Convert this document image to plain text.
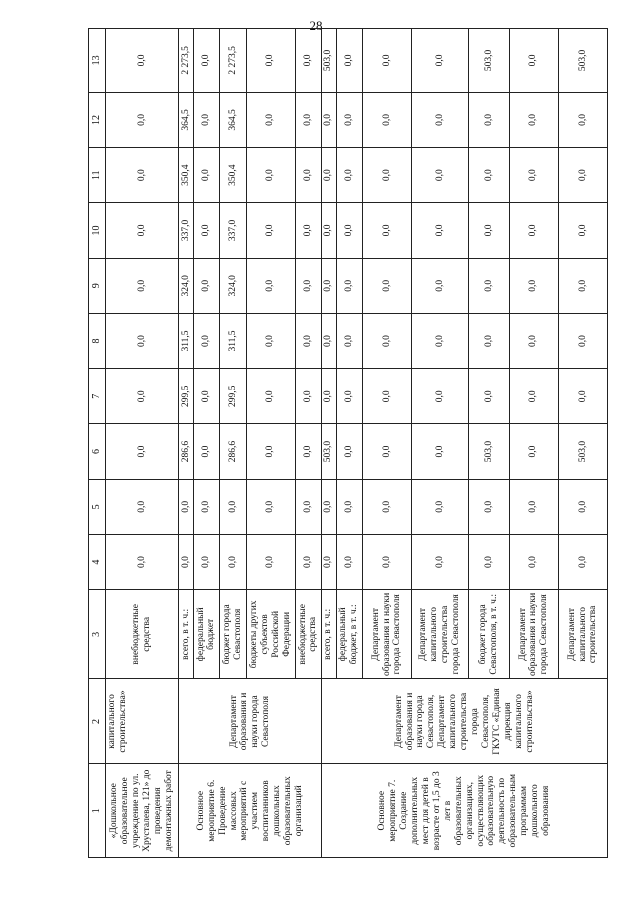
28
1	2	3	4	5	6	7	8	9	10	11	12	13
«Дошкольное образовательное учреждение по ул. Хрусталева, 121» до проведения демонтажных работ	капитального строительства»	внебюджетные средства	0,0	0,0	0,0	0,0	0,0	0,0	0,0	0,0	0,0	0,0
Основное мероприятие 6. Проведение массовых мероприятий с участием воспитанников дошкольных образовательных организаций	Департамент образования и науки города Севастополя	всего, в т. ч.:	0,0	0,0	286,6	299,5	311,5	324,0	337,0	350,4	364,5	2 273,5
		федеральный бюджет	0,0	0,0	0,0	0,0	0,0	0,0	0,0	0,0	0,0	0,0
		бюджет города Севастополя	0,0	0,0	286,6	299,5	311,5	324,0	337,0	350,4	364,5	2 273,5
		бюджеты других субъектов Российской Федерации	0,0	0,0	0,0	0,0	0,0	0,0	0,0	0,0	0,0	0,0
		внебюджетные средства	0,0	0,0	0,0	0,0	0,0	0,0	0,0	0,0	0,0	0,0
Основное мероприятие 7. Создание дополнительных мест для детей в возрасте от 1,5 до 3 лет в образовательных организациях, осуществляющих образовательную деятельность по образователь-ным программам дошкольного образования	Департамент образования и науки города Севастополя, Департамент капитального строительства города Севастополя, ГКУГС «Единая дирекция капитального строительства»	всего, в т. ч.:	0,0	0,0	503,0	0,0	0,0	0,0	0,0	0,0	0,0	503,0
		федеральный бюджет, в т. ч.:	0,0	0,0	0,0	0,0	0,0	0,0	0,0	0,0	0,0	0,0
		Департамент образования и науки города Севастополя	0,0	0,0	0,0	0,0	0,0	0,0	0,0	0,0	0,0	0,0
		Департамент капитального строительства города Севастополя	0,0	0,0	0,0	0,0	0,0	0,0	0,0	0,0	0,0	0,0
		бюджет города Севастополя, в т. ч.:	0,0	0,0	503,0	0,0	0,0	0,0	0,0	0,0	0,0	503,0
		Департамент образования и науки города Севастополя	0,0	0,0	0,0	0,0	0,0	0,0	0,0	0,0	0,0	0,0
		Департамент капитального строительства	0,0	0,0	503,0	0,0	0,0	0,0	0,0	0,0	0,0	503,0
